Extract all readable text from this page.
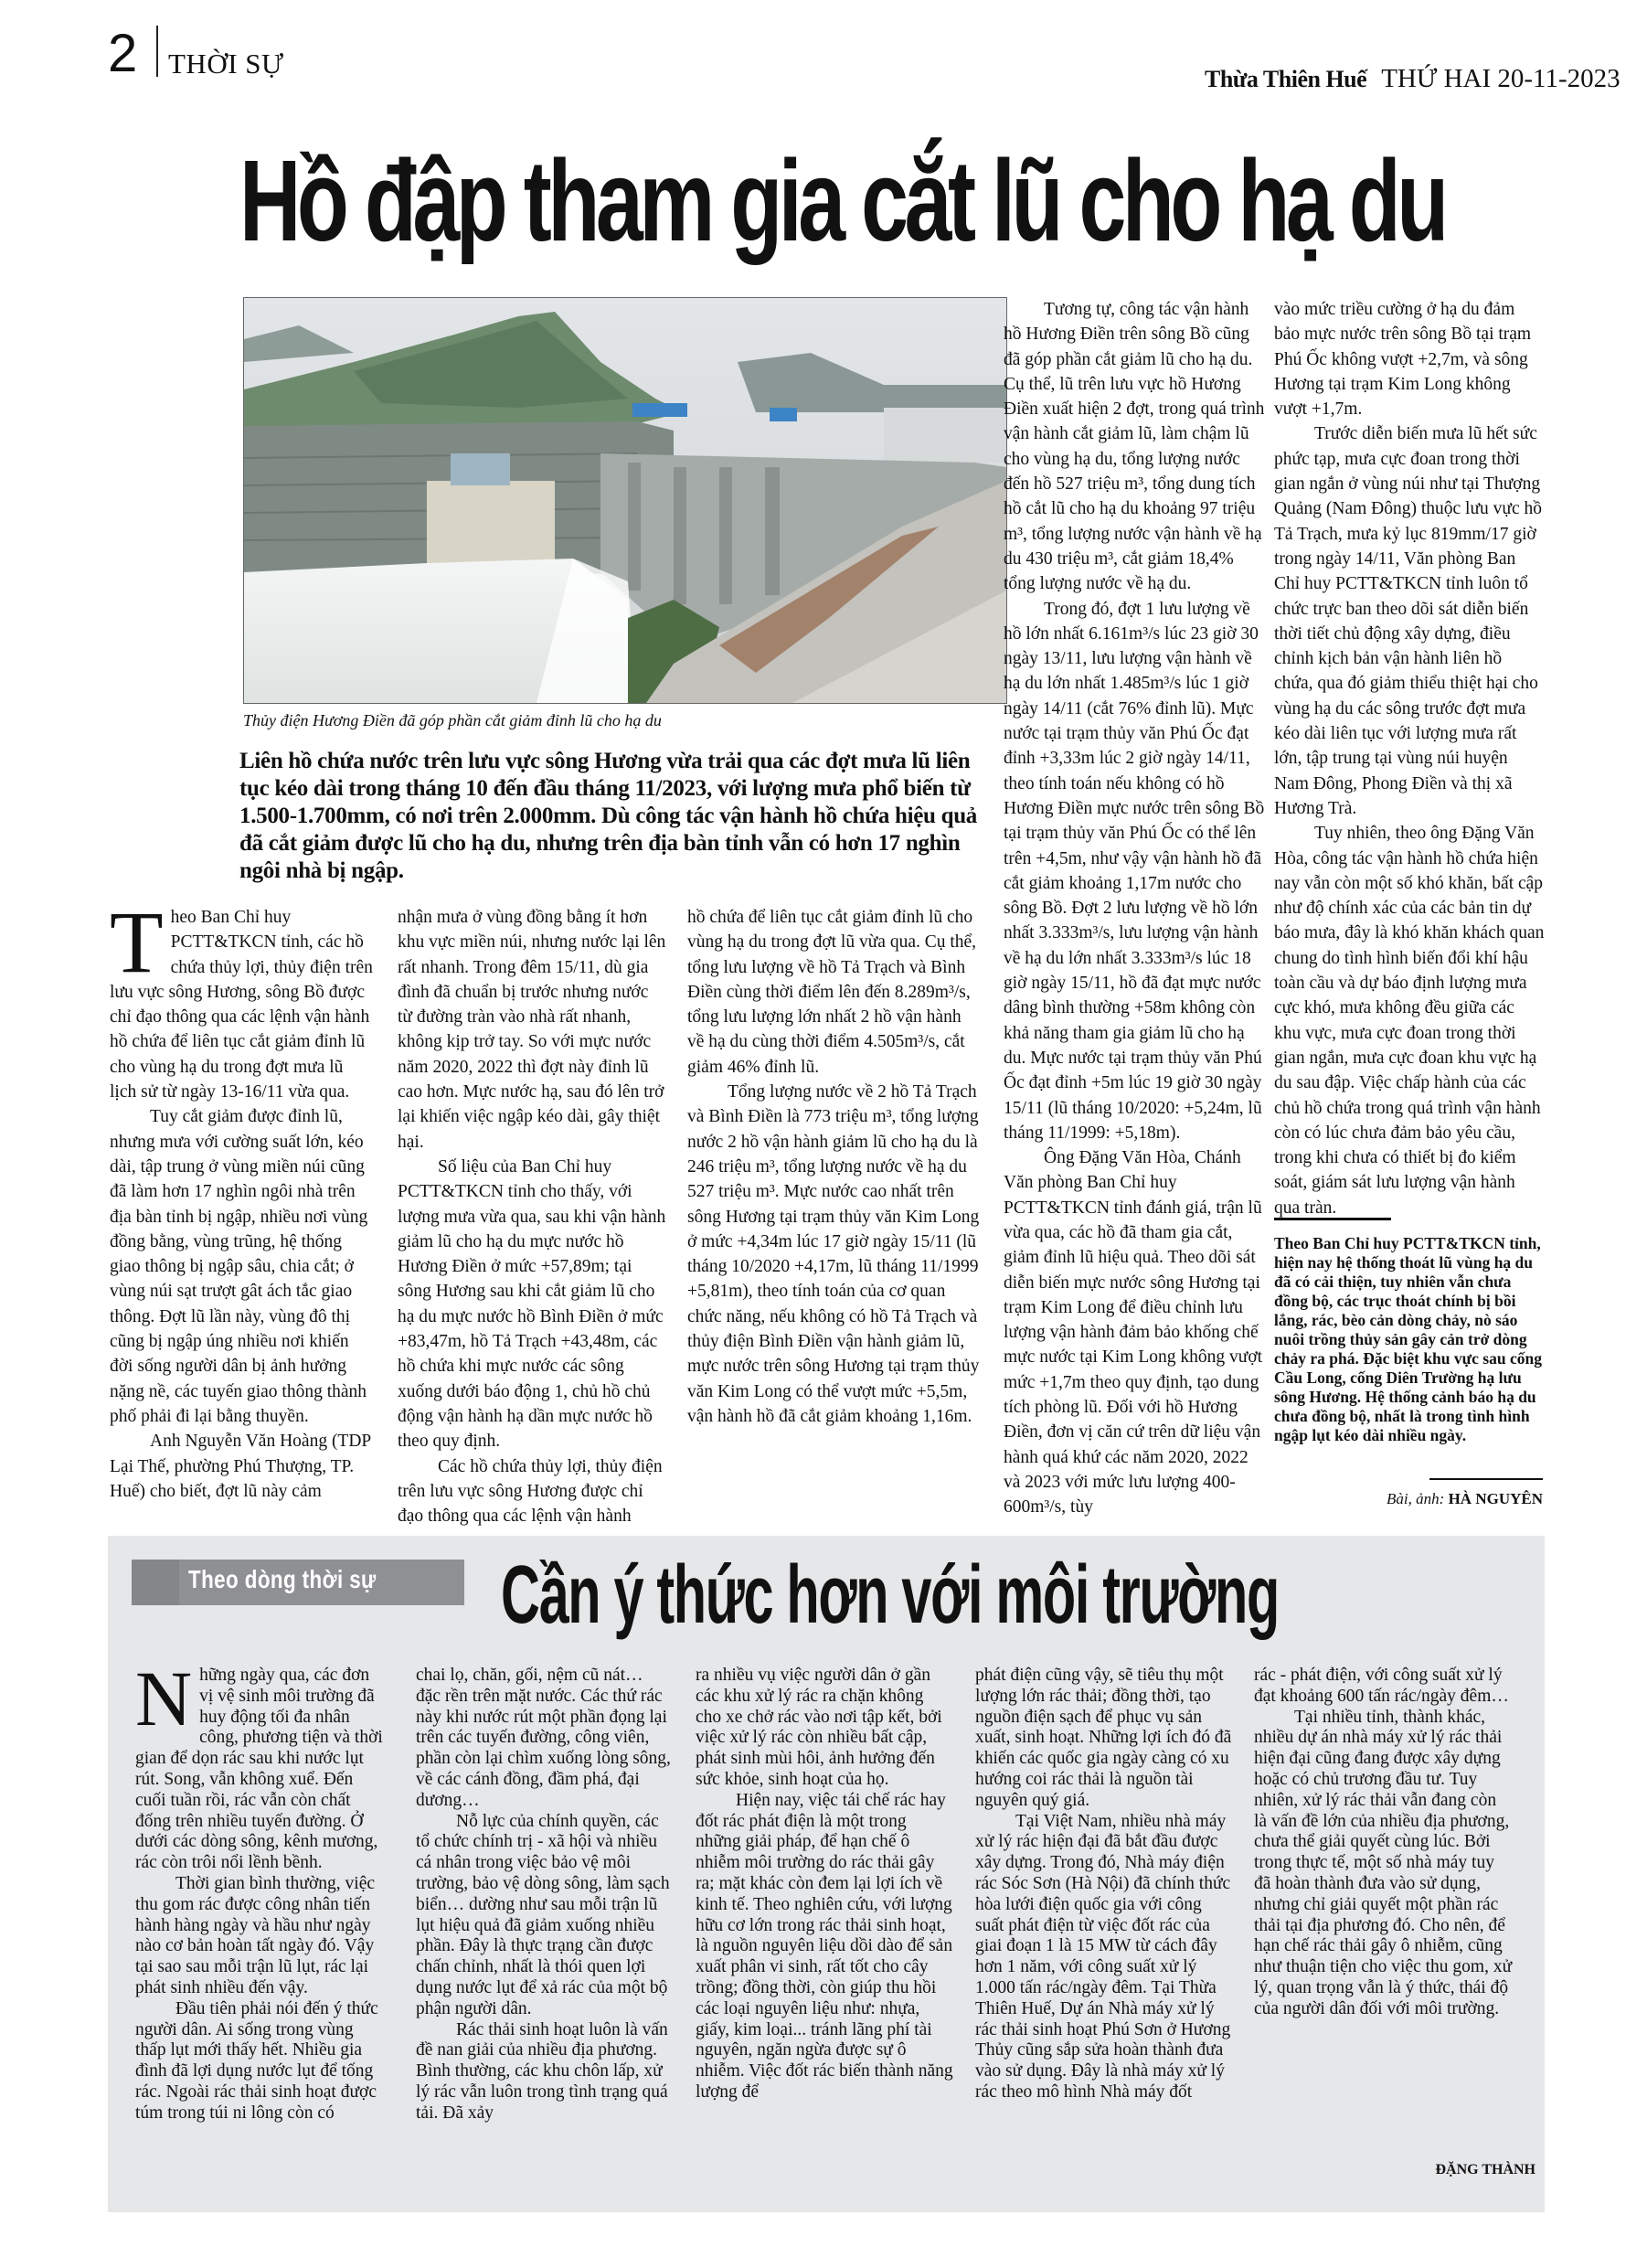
2 THỜI SỰ	Thừa Thiên Huế THỨ HAI 20-11-2023
Hồ đập tham gia cắt lũ cho hạ du
Thủy điện Hương Điền đã góp phần cắt giảm đỉnh lũ cho hạ du
Liên hồ chứa nước trên lưu vực sông Hương vừa trải qua các đợt mưa lũ liên tục kéo dài trong tháng 10 đến đầu tháng 11/2023, với lượng mưa phổ biến từ 1.500-1.700mm, có nơi trên 2.000mm. Dù công tác vận hành hồ chứa hiệu quả đã cắt giảm được lũ cho hạ du, nhưng trên địa bàn tỉnh vẫn có hơn 17 nghìn ngôi nhà bị ngập.

Theo Ban Chỉ huy PCTT&TKCN tỉnh, các hồ chứa thủy lợi, thủy điện trên lưu vực sông Hương, sông Bồ được chỉ đạo thông qua các lệnh vận hành hồ chứa để liên tục cắt giảm đỉnh lũ cho vùng hạ du trong đợt mưa lũ lịch sử từ ngày 13-16/11 vừa qua.

Tuy cắt giảm được đỉnh lũ, nhưng mưa với cường suất lớn, kéo dài, tập trung ở vùng miền núi cũng đã làm hơn 17 nghìn ngôi nhà trên địa bàn tỉnh bị ngập, nhiều nơi vùng đồng bằng, vùng trũng, hệ thống giao thông bị ngập sâu, chia cắt; ở vùng núi sạt trượt gât ách tắc giao thông. Đợt lũ lần này, vùng đô thị cũng bị ngập úng nhiều nơi khiến đời sống người dân bị ảnh hưởng nặng nề, các tuyến giao thông thành phố phải đi lại bằng thuyền.

Anh Nguyễn Văn Hoàng (TDP Lại Thế, phường Phú Thượng, TP. Huế) cho biết, đợt lũ này cảm

nhận mưa ở vùng đồng bằng ít hơn khu vực miền núi, nhưng nước lại lên rất nhanh. Trong đêm 15/11, dù gia đình đã chuẩn bị trước nhưng nước từ đường tràn vào nhà rất nhanh, không kịp trở tay. So với mực nước năm 2020, 2022 thì đợt này đỉnh lũ cao hơn. Mực nước hạ, sau đó lên trở lại khiến việc ngập kéo dài, gây thiệt hại.

Số liệu của Ban Chỉ huy PCTT&TKCN tỉnh cho thấy, với lượng mưa vừa qua, sau khi vận hành giảm lũ cho hạ du mực nước hồ Hương Điền ở mức +57,89m; tại sông Hương sau khi cắt giảm lũ cho hạ du mực nước hồ Bình Điền ở mức +83,47m, hồ Tả Trạch +43,48m, các hồ chứa khi mực nước các sông xuống dưới báo động 1, chủ hồ chủ động vận hành hạ dần mực nước hồ theo quy định.

Các hồ chứa thủy lợi, thủy điện trên lưu vực sông Hương được chỉ đạo thông qua các lệnh vận hành

hồ chứa để liên tục cắt giảm đỉnh lũ cho vùng hạ du trong đợt lũ vừa qua. Cụ thể, tổng lưu lượng về hồ Tả Trạch và Bình Điền cùng thời điểm lên đến 8.289m³/s, tổng lưu lượng lớn nhất 2 hồ vận hành về hạ du cùng thời điểm 4.505m³/s, cắt giảm 46% đỉnh lũ.

Tổng lượng nước về 2 hồ Tả Trạch và Bình Điền là 773 triệu m³, tổng lượng nước 2 hồ vận hành giảm lũ cho hạ du là 246 triệu m³, tổng lượng nước về hạ du 527 triệu m³. Mực nước cao nhất trên sông Hương tại trạm thủy văn Kim Long ở mức +4,34m lúc 17 giờ ngày 15/11 (lũ tháng 10/2020 +4,17m, lũ tháng 11/1999 +5,81m), theo tính toán của cơ quan chức năng, nếu không có hồ Tả Trạch và thủy điện Bình Điền vận hành giảm lũ, mực nước trên sông Hương tại trạm thủy văn Kim Long có thể vượt mức +5,5m, vận hành hồ đã cắt giảm khoảng 1,16m.

Tương tự, công tác vận hành hồ Hương Điền trên sông Bồ cũng đã góp phần cắt giảm lũ cho hạ du. Cụ thể, lũ trên lưu vực hồ Hương Điền xuất hiện 2 đợt, trong quá trình vận hành cắt giảm lũ, làm chậm lũ cho vùng hạ du, tổng lượng nước đến hồ 527 triệu m³, tổng dung tích hồ cắt lũ cho hạ du khoảng 97 triệu m³, tổng lượng nước vận hành về hạ du 430 triệu m³, cắt giảm 18,4% tổng lượng nước về hạ du.

Trong đó, đợt 1 lưu lượng về hồ lớn nhất 6.161m³/s lúc 23 giờ 30 ngày 13/11, lưu lượng vận hành về hạ du lớn nhất 1.485m³/s lúc 1 giờ ngày 14/11 (cắt 76% đỉnh lũ). Mực nước tại trạm thủy văn Phú Ốc đạt đỉnh +3,33m lúc 2 giờ ngày 14/11, theo tính toán nếu không có hồ Hương Điền mực nước trên sông Bồ tại trạm thủy văn Phú Ốc có thể lên trên +4,5m, như vậy vận hành hồ đã cắt giảm khoảng 1,17m nước cho sông Bồ. Đợt 2 lưu lượng về hồ lớn nhất 3.333m³/s, lưu lượng vận hành về hạ du lớn nhất 3.333m³/s lúc 18 giờ ngày 15/11, hồ đã đạt mực nước dâng bình thường +58m không còn khả năng tham gia giảm lũ cho hạ du. Mực nước tại trạm thủy văn Phú Ốc đạt đỉnh +5m lúc 19 giờ 30 ngày 15/11 (lũ tháng 10/2020: +5,24m, lũ tháng 11/1999: +5,18m).

Ông Đặng Văn Hòa, Chánh Văn phòng Ban Chỉ huy PCTT&TKCN tỉnh đánh giá, trận lũ vừa qua, các hồ đã tham gia cắt, giảm đỉnh lũ hiệu quả. Theo dõi sát diễn biến mực nước sông Hương tại trạm Kim Long để điều chỉnh lưu lượng vận hành đảm bảo khống chế mực nước tại Kim Long không vượt mức +1,7m theo quy định, tạo dung tích phòng lũ. Đối với hồ Hương Điền, đơn vị căn cứ trên dữ liệu vận hành quá khứ các năm 2020, 2022 và 2023 với mức lưu lượng 400-600m³/s, tùy

vào mức triều cường ở hạ du đảm bảo mực nước trên sông Bồ tại trạm Phú Ốc không vượt +2,7m, và sông Hương tại trạm Kim Long không vượt +1,7m.

Trước diễn biến mưa lũ hết sức phức tạp, mưa cực đoan trong thời gian ngắn ở vùng núi như tại Thượng Quảng (Nam Đông) thuộc lưu vực hồ Tả Trạch, mưa kỷ lục 819mm/17 giờ trong ngày 14/11, Văn phòng Ban Chỉ huy PCTT&TKCN tỉnh luôn tổ chức trực ban theo dõi sát diễn biến thời tiết chủ động xây dựng, điều chỉnh kịch bản vận hành liên hồ chứa, qua đó giảm thiểu thiệt hại cho vùng hạ du các sông trước đợt mưa kéo dài liên tục với lượng mưa rất lớn, tập trung tại vùng núi huyện Nam Đông, Phong Điền và thị xã Hương Trà.

Tuy nhiên, theo ông Đặng Văn Hòa, công tác vận hành hồ chứa hiện nay vẫn còn một số khó khăn, bất cập như độ chính xác của các bản tin dự báo mưa, đây là khó khăn khách quan chung do tình hình biến đổi khí hậu toàn cầu và dự báo định lượng mưa cực khó, mưa không đều giữa các khu vực, mưa cực đoan trong thời gian ngắn, mưa cực đoan khu vực hạ du sau đập. Việc chấp hành của các chủ hồ chứa trong quá trình vận hành còn có lúc chưa đảm bảo yêu cầu, trong khi chưa có thiết bị đo kiểm soát, giám sát lưu lượng vận hành qua tràn.

Theo Ban Chỉ huy PCTT&TKCN tỉnh, hiện nay hệ thống thoát lũ vùng hạ du đã có cải thiện, tuy nhiên vẫn chưa đồng bộ, các trục thoát chính bị bồi lắng, rác, bèo cản dòng chảy, nò sáo nuôi trồng thủy sản gây cản trở dòng chảy ra phá. Đặc biệt khu vực sau cống Cầu Long, cống Diên Trường hạ lưu sông Hương. Hệ thống cảnh báo hạ du chưa đồng bộ, nhất là trong tình hình ngập lụt kéo dài nhiều ngày.
Bài, ảnh: HÀ NGUYÊN
Theo dòng thời sự Cần ý thức hơn với môi trường

Những ngày qua, các đơn vị vệ sinh môi trường đã huy động tối đa nhân công, phương tiện và thời gian để dọn rác sau khi nước lụt rút. Song, vẫn không xuể. Đến cuối tuần rồi, rác vẫn còn chất đống trên nhiều tuyến đường. Ở dưới các dòng sông, kênh mương, rác còn trôi nổi lềnh bềnh.

Thời gian bình thường, việc thu gom rác được công nhân tiến hành hàng ngày và hầu như ngày nào cơ bản hoàn tất ngày đó. Vậy tại sao sau mỗi trận lũ lụt, rác lại phát sinh nhiều đến vậy.

Đầu tiên phải nói đến ý thức người dân. Ai sống trong vùng thấp lụt mới thấy hết. Nhiều gia đình đã lợi dụng nước lụt để tống rác. Ngoài rác thải sinh hoạt được túm trong túi ni lông còn có

chai lọ, chăn, gối, nệm cũ nát… đặc rền trên mặt nước. Các thứ rác này khi nước rút một phần đọng lại trên các tuyến đường, công viên, phần còn lại chìm xuống lòng sông, về các cánh đồng, đầm phá, đại dương…

Nỗ lực của chính quyền, các tổ chức chính trị - xã hội và nhiều cá nhân trong việc bảo vệ môi trường, bảo vệ dòng sông, làm sạch biển… dường như sau mỗi trận lũ lụt hiệu quả đã giảm xuống nhiều phần. Đây là thực trạng cần được chấn chỉnh, nhất là thói quen lợi dụng nước lụt để xả rác của một bộ phận người dân.

Rác thải sinh hoạt luôn là vấn đề nan giải của nhiều địa phương. Bình thường, các khu chôn lấp, xử lý rác vẫn luôn trong tình trạng quá tải. Đã xảy

ra nhiều vụ việc người dân ở gần các khu xử lý rác ra chặn không cho xe chở rác vào nơi tập kết, bởi việc xử lý rác còn nhiều bất cập, phát sinh mùi hôi, ảnh hưởng đến sức khỏe, sinh hoạt của họ.

Hiện nay, việc tái chế rác hay đốt rác phát điện là một trong những giải pháp, để hạn chế ô nhiễm môi trường do rác thải gây ra; mặt khác còn đem lại lợi ích về kinh tế. Theo nghiên cứu, với lượng hữu cơ lớn trong rác thải sinh hoạt, là nguồn nguyên liệu dồi dào để sản xuất phân vi sinh, rất tốt cho cây trồng; đồng thời, còn giúp thu hồi các loại nguyên liệu như: nhựa, giấy, kim loại... tránh lãng phí tài nguyên, ngăn ngừa được sự ô nhiễm. Việc đốt rác biến thành năng lượng để

phát điện cũng vậy, sẽ tiêu thụ một lượng lớn rác thải; đồng thời, tạo nguồn điện sạch để phục vụ sản xuất, sinh hoạt. Những lợi ích đó đã khiến các quốc gia ngày càng có xu hướng coi rác thải là nguồn tài nguyên quý giá.

Tại Việt Nam, nhiều nhà máy xử lý rác hiện đại đã bắt đầu được xây dựng. Trong đó, Nhà máy điện rác Sóc Sơn (Hà Nội) đã chính thức hòa lưới điện quốc gia với công suất phát điện từ việc đốt rác của giai đoạn 1 là 15 MW từ cách đây hơn 1 năm, với công suất xử lý 1.000 tấn rác/ngày đêm. Tại Thừa Thiên Huế, Dự án Nhà máy xử lý rác thải sinh hoạt Phú Sơn ở Hương Thủy cũng sắp sửa hoàn thành đưa vào sử dụng. Đây là nhà máy xử lý rác theo mô hình Nhà máy đốt

rác - phát điện, với công suất xử lý đạt khoảng 600 tấn rác/ngày đêm…

Tại nhiều tỉnh, thành khác, nhiều dự án nhà máy xử lý rác thải hiện đại cũng đang được xây dựng hoặc có chủ trương đầu tư. Tuy nhiên, xử lý rác thải vẫn đang còn là vấn đề lớn của nhiều địa phương, chưa thể giải quyết cùng lúc. Bởi trong thực tế, một số nhà máy tuy đã hoàn thành đưa vào sử dụng, nhưng chỉ giải quyết một phần rác thải tại địa phương đó. Cho nên, để hạn chế rác thải gây ô nhiễm, cũng như thuận tiện cho việc thu gom, xử lý, quan trọng vẫn là ý thức, thái độ của người dân đối với môi trường.

ĐẶNG THÀNH
